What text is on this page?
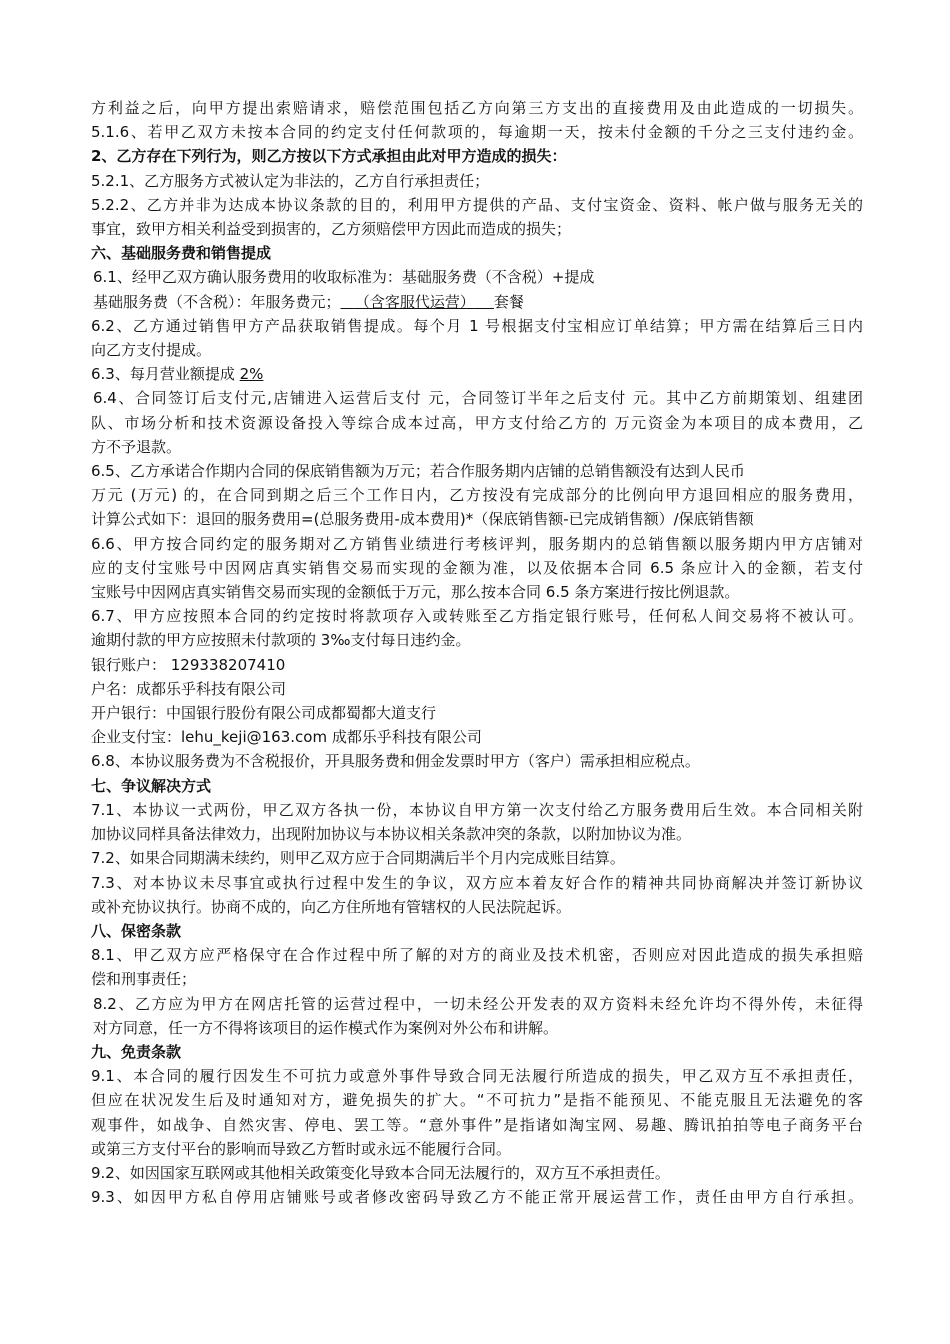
方利益之后，向甲方提出索赔请求，赔偿范围包括乙方向第三方支出的直接费用及由此造成的一切损失。
5.1.6、若甲乙双方未按本合同的约定支付任何款项的，每逾期一天，按未付金额的千分之三支付违约金。
2、乙方存在下列行为，则乙方按以下方式承担由此对甲方造成的损失：
5.2.1、乙方服务方式被认定为非法的，乙方自行承担责任；
5.2.2、乙方并非为达成本协议条款的目的，利用甲方提供的产品、支付宝资金、资料、帐户做与服务无关的
事宜，致甲方相关利益受到损害的，乙方须赔偿甲方因此而造成的损失；
六、基础服务费和销售提成
6.1、经甲乙双方确认服务费用的收取标准为：基础服务费（不含税）+提成
基础服务费（不含税）：年服务费元； （含客服代运营） 套餐
6.2、乙方通过销售甲方产品获取销售提成。每个月 1 号根据支付宝相应订单结算；甲方需在结算后三日内
向乙方支付提成。
6.3、每月营业额提成 2%
6.4、合同签订后支付元,店铺进入运营后支付 元，合同签订半年之后支付 元。其中乙方前期策划、组建团
队、市场分析和技术资源设备投入等综合成本过高，甲方支付给乙方的 万元资金为本项目的成本费用，乙
方不予退款。
6.5、乙方承诺合作期内合同的保底销售额为万元；若合作服务期内店铺的总销售额没有达到人民币
万元 (万元) 的，在合同到期之后三个工作日内，乙方按没有完成部分的比例向甲方退回相应的服务费用，
计算公式如下：退回的服务费用=(总服务费用-成本费用)*（保底销售额-已完成销售额）/保底销售额
6.6、甲方按合同约定的服务期对乙方销售业绩进行考核评判，服务期内的总销售额以服务期内甲方店铺对
应的支付宝账号中因网店真实销售交易而实现的金额为准，以及依据本合同 6.5 条应计入的金额，若支付
宝账号中因网店真实销售交易而实现的金额低于万元，那么按本合同 6.5 条方案进行按比例退款。
6.7、甲方应按照本合同的约定按时将款项存入或转账至乙方指定银行账号，任何私人间交易将不被认可。
逾期付款的甲方应按照未付款项的 3‰支付每日违约金。
银行账户： 129338207410
户名：成都乐乎科技有限公司
开户银行：中国银行股份有限公司成都蜀都大道支行
企业支付宝：lehu_keji@163.com 成都乐乎科技有限公司
6.8、本协议服务费为不含税报价，开具服务费和佣金发票时甲方（客户）需承担相应税点。
七、争议解决方式
7.1、本协议一式两份，甲乙双方各执一份，本协议自甲方第一次支付给乙方服务费用后生效。本合同相关附
加协议同样具备法律效力，出现附加协议与本协议相关条款冲突的条款，以附加协议为准。
7.2、如果合同期满未续约，则甲乙双方应于合同期满后半个月内完成账目结算。
7.3、对本协议未尽事宜或执行过程中发生的争议，双方应本着友好合作的精神共同协商解决并签订新协议
或补充协议执行。协商不成的，向乙方住所地有管辖权的人民法院起诉。
八、保密条款
8.1、甲乙双方应严格保守在合作过程中所了解的对方的商业及技术机密，否则应对因此造成的损失承担赔
偿和刑事责任；
8.2、乙方应为甲方在网店托管的运营过程中，一切未经公开发表的双方资料未经允许均不得外传，未征得
对方同意，任一方不得将该项目的运作模式作为案例对外公布和讲解。
九、免责条款
9.1、本合同的履行因发生不可抗力或意外事件导致合同无法履行所造成的损失，甲乙双方互不承担责任，
但应在状况发生后及时通知对方，避免损失的扩大。“不可抗力”是指不能预见、不能克服且无法避免的客
观事件，如战争、自然灾害、停电、罢工等。“意外事件”是指诸如淘宝网、易趣、腾讯拍拍等电子商务平台
或第三方支付平台的影响而导致乙方暂时或永远不能履行合同。
9.2、如因国家互联网或其他相关政策变化导致本合同无法履行的，双方互不承担责任。
9.3、如因甲方私自停用店铺账号或者修改密码导致乙方不能正常开展运营工作，责任由甲方自行承担。
